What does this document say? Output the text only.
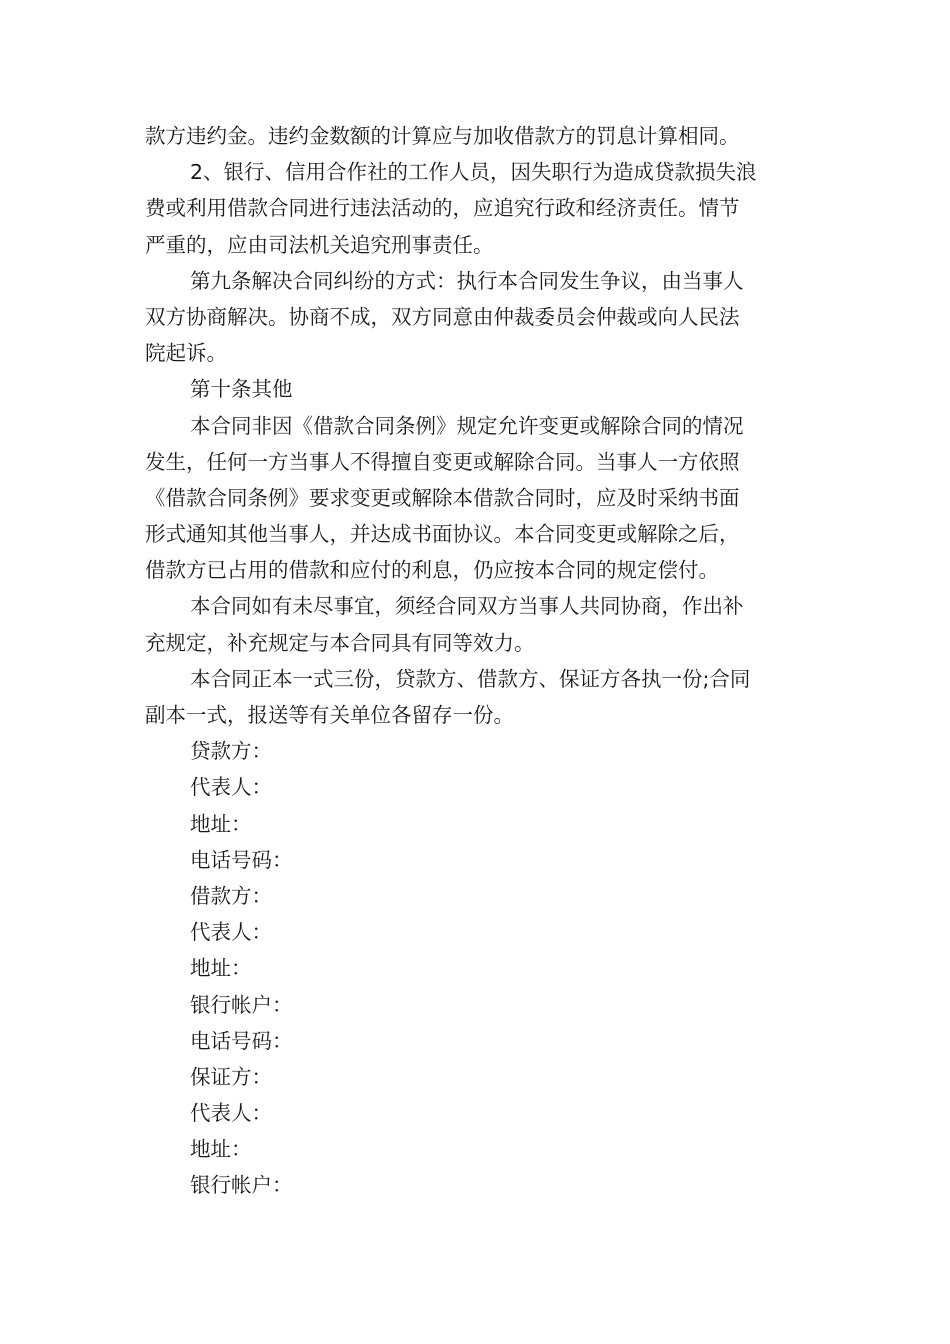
款方违约金。违约金数额的计算应与加收借款方的罚息计算相同。
2、银行、信用合作社的工作人员，因失职行为造成贷款损失浪
费或利用借款合同进行违法活动的，应追究行政和经济责任。情节
严重的，应由司法机关追究刑事责任。
第九条解决合同纠纷的方式：执行本合同发生争议，由当事人
双方协商解决。协商不成，双方同意由仲裁委员会仲裁或向人民法
院起诉。
第十条其他
本合同非因《借款合同条例》规定允许变更或解除合同的情况
发生，任何一方当事人不得擅自变更或解除合同。当事人一方依照
《借款合同条例》要求变更或解除本借款合同时，应及时采纳书面
形式通知其他当事人，并达成书面协议。本合同变更或解除之后，
借款方已占用的借款和应付的利息，仍应按本合同的规定偿付。
本合同如有未尽事宜，须经合同双方当事人共同协商，作出补
充规定，补充规定与本合同具有同等效力。
本合同正本一式三份，贷款方、借款方、保证方各执一份;合同
副本一式，报送等有关单位各留存一份。
贷款方：
代表人：
地址：
电话号码：
借款方：
代表人：
地址：
银行帐户：
电话号码：
保证方：
代表人：
地址：
银行帐户：
